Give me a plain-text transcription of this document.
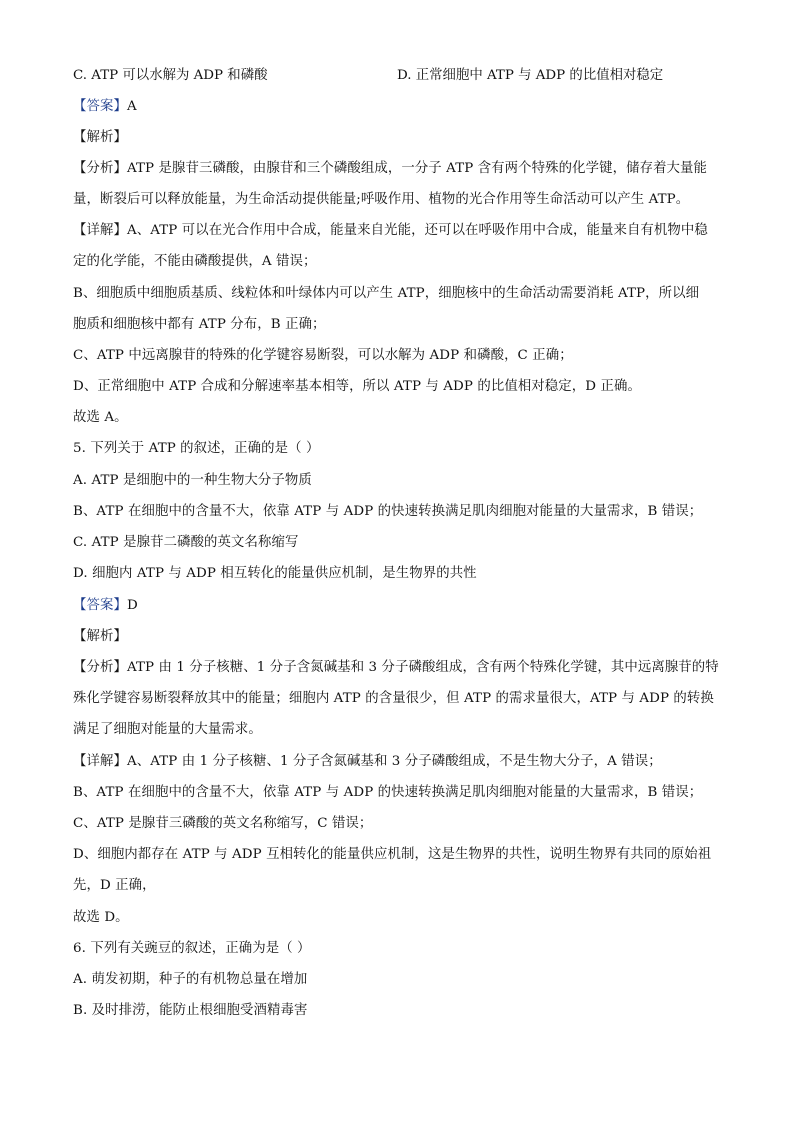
C. ATP 可以水解为 ADP 和磷酸	D. 正常细胞中 ATP 与 ADP 的比值相对稳定
【答案】A
【解析】
【分析】ATP 是腺苷三磷酸，由腺苷和三个磷酸组成，一分子 ATP 含有两个特殊的化学键，储存着大量能
量，断裂后可以释放能量，为生命活动提供能量;呼吸作用、植物的光合作用等生命活动可以产生 ATP。
【详解】A、ATP 可以在光合作用中合成，能量来自光能，还可以在呼吸作用中合成，能量来自有机物中稳
定的化学能，不能由磷酸提供，A 错误；
B、细胞质中细胞质基质、线粒体和叶绿体内可以产生 ATP，细胞核中的生命活动需要消耗 ATP，所以细
胞质和细胞核中都有 ATP 分布，B 正确；
C、ATP 中远离腺苷的特殊的化学键容易断裂，可以水解为 ADP 和磷酸，C 正确；
D、正常细胞中 ATP 合成和分解速率基本相等，所以 ATP 与 ADP 的比值相对稳定，D 正确。
故选 A。
5. 下列关于 ATP 的叙述，正确的是（ ）
A. ATP 是细胞中的一种生物大分子物质
B、ATP 在细胞中的含量不大，依靠 ATP 与 ADP 的快速转换满足肌肉细胞对能量的大量需求，B 错误；
C. ATP 是腺苷二磷酸的英文名称缩写
D. 细胞内 ATP 与 ADP 相互转化的能量供应机制，是生物界的共性
【答案】D
【解析】
【分析】ATP 由 1 分子核糖、1 分子含氮碱基和 3 分子磷酸组成，含有两个特殊化学键，其中远离腺苷的特
殊化学键容易断裂释放其中的能量；细胞内 ATP 的含量很少，但 ATP 的需求量很大，ATP 与 ADP 的转换
满足了细胞对能量的大量需求。
【详解】A、ATP 由 1 分子核糖、1 分子含氮碱基和 3 分子磷酸组成，不是生物大分子，A 错误；
B、ATP 在细胞中的含量不大，依靠 ATP 与 ADP 的快速转换满足肌肉细胞对能量的大量需求，B 错误；
C、ATP 是腺苷三磷酸的英文名称缩写，C 错误；
D、细胞内都存在 ATP 与 ADP 互相转化的能量供应机制，这是生物界的共性，说明生物界有共同的原始祖
先，D 正确，
故选 D。
6. 下列有关豌豆的叙述，正确为是（ ）
A. 萌发初期，种子的有机物总量在增加
B. 及时排涝，能防止根细胞受酒精毒害
